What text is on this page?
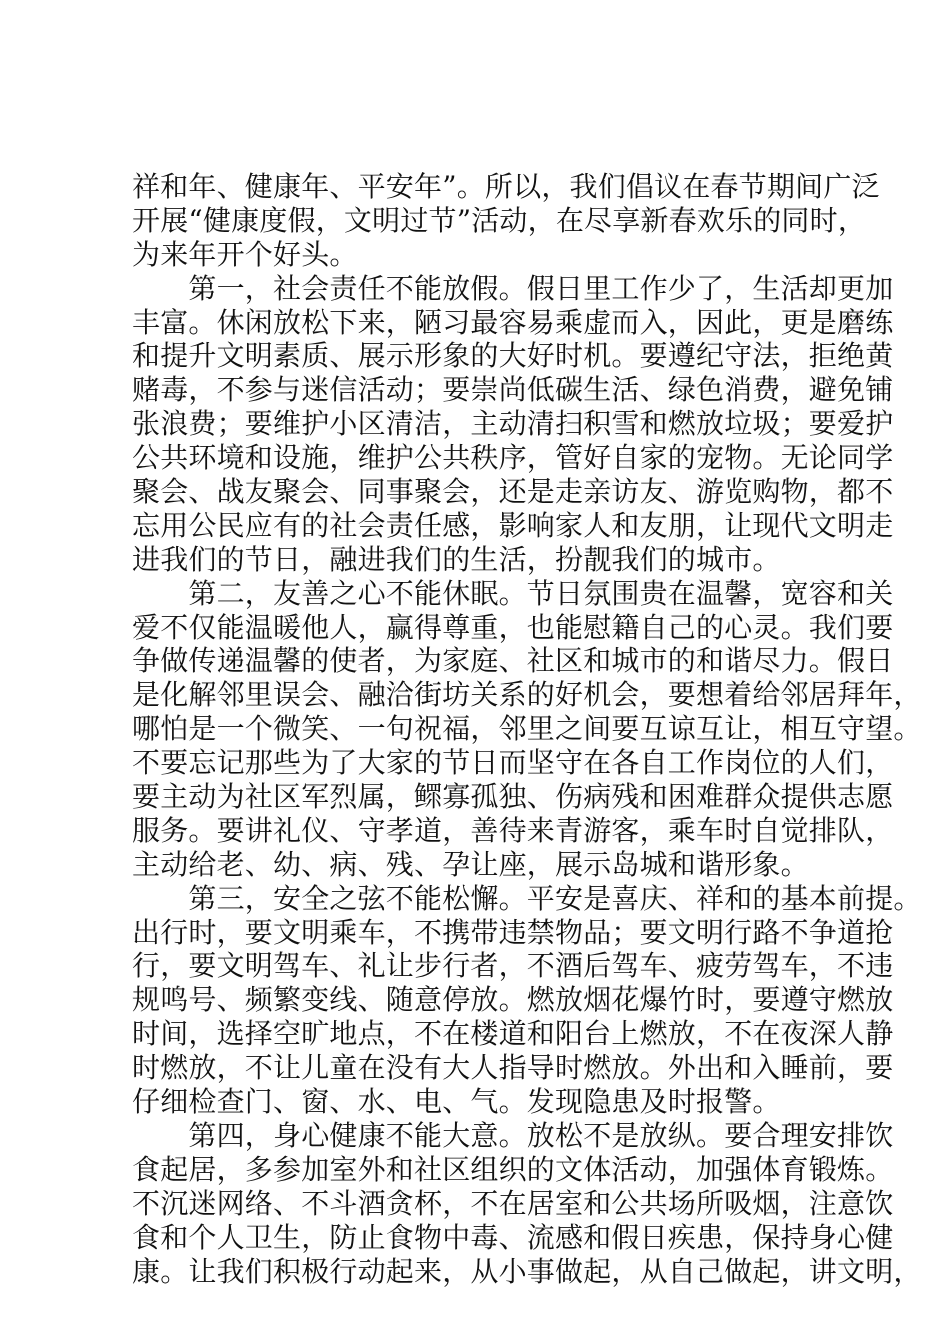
祥和年、健康年、平安年”。所以，我们倡议在春节期间广泛
开展“健康度假，文明过节”活动，在尽享新春欢乐的同时，
为来年开个好头。
　　第一，社会责任不能放假。假日里工作少了，生活却更加
丰富。休闲放松下来，陋习最容易乘虚而入，因此，更是磨练
和提升文明素质、展示形象的大好时机。要遵纪守法，拒绝黄
赌毒，不参与迷信活动；要崇尚低碳生活、绿色消费，避免铺
张浪费；要维护小区清洁，主动清扫积雪和燃放垃圾；要爱护
公共环境和设施，维护公共秩序，管好自家的宠物。无论同学
聚会、战友聚会、同事聚会，还是走亲访友、游览购物，都不
忘用公民应有的社会责任感，影响家人和友朋，让现代文明走
进我们的节日，融进我们的生活，扮靓我们的城市。
　　第二，友善之心不能休眠。节日氛围贵在温馨，宽容和关
爱不仅能温暖他人，赢得尊重，也能慰籍自己的心灵。我们要
争做传递温馨的使者，为家庭、社区和城市的和谐尽力。假日
是化解邻里误会、融洽街坊关系的好机会，要想着给邻居拜年，
哪怕是一个微笑、一句祝福，邻里之间要互谅互让，相互守望。
不要忘记那些为了大家的节日而坚守在各自工作岗位的人们，
要主动为社区军烈属，鳏寡孤独、伤病残和困难群众提供志愿
服务。要讲礼仪、守孝道，善待来青游客，乘车时自觉排队，
主动给老、幼、病、残、孕让座，展示岛城和谐形象。
　　第三，安全之弦不能松懈。平安是喜庆、祥和的基本前提。
出行时，要文明乘车，不携带违禁物品；要文明行路不争道抢
行，要文明驾车、礼让步行者，不酒后驾车、疲劳驾车，不违
规鸣号、频繁变线、随意停放。燃放烟花爆竹时，要遵守燃放
时间，选择空旷地点，不在楼道和阳台上燃放，不在夜深人静
时燃放，不让儿童在没有大人指导时燃放。外出和入睡前，要
仔细检查门、窗、水、电、气。发现隐患及时报警。
　　第四，身心健康不能大意。放松不是放纵。要合理安排饮
食起居，多参加室外和社区组织的文体活动，加强体育锻炼。
不沉迷网络、不斗酒贪杯，不在居室和公共场所吸烟，注意饮
食和个人卫生，防止食物中毒、流感和假日疾患，保持身心健
康。让我们积极行动起来，从小事做起，从自己做起，讲文明，
